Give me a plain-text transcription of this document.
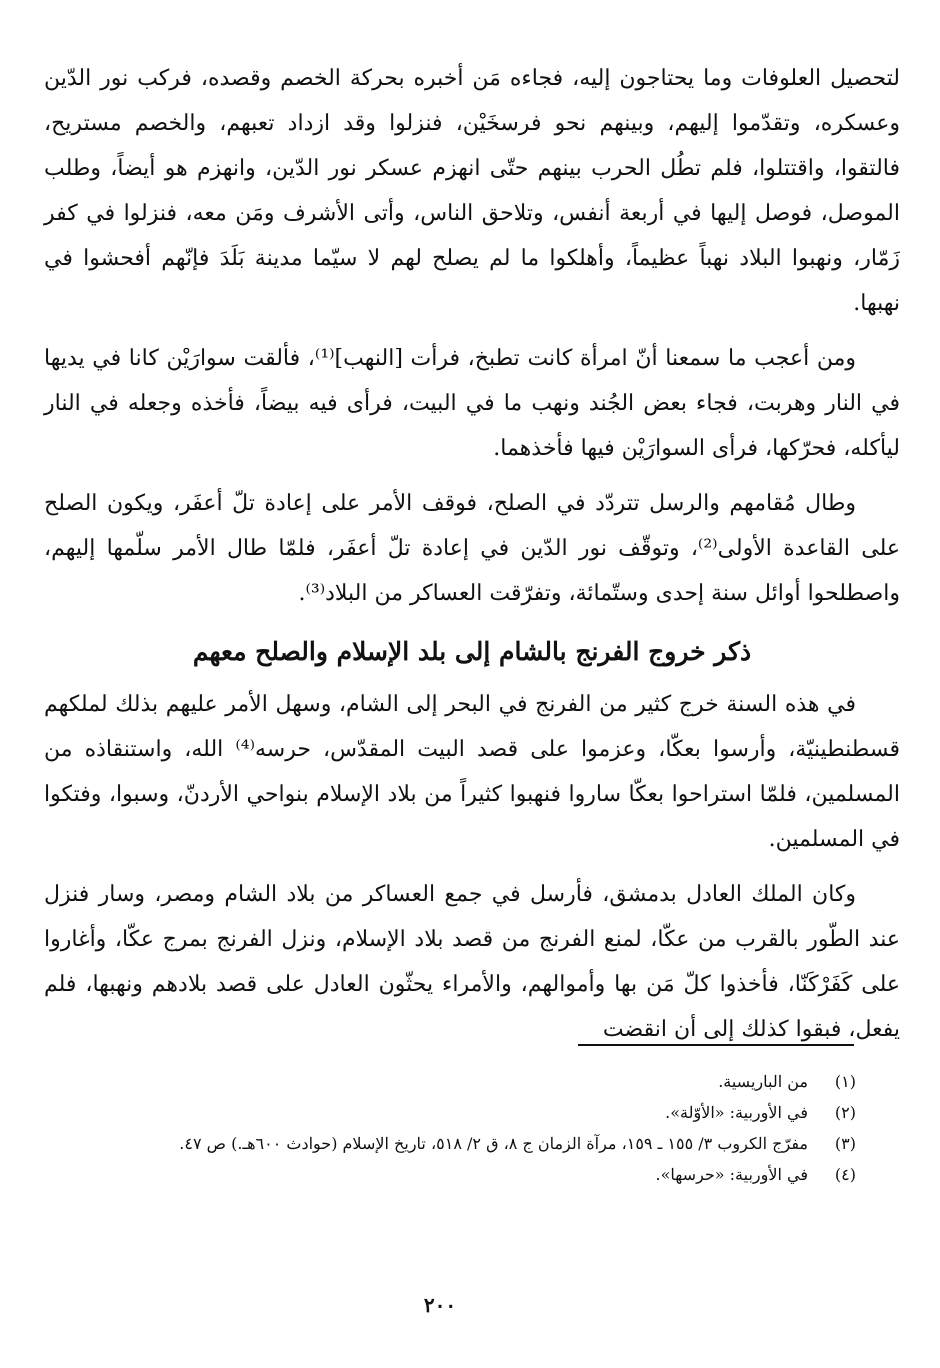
لتحصيل العلوفات وما يحتاجون إليه، فجاءه مَن أخبره بحركة الخصم وقصده، فركب نور الدّين وعسكره، وتقدّموا إليهم، وبينهم نحو فرسخَيْن، فنزلوا وقد ازداد تعبهم، والخصم مستريح، فالتقوا، واقتتلوا، فلم تطُل الحرب بينهم حتّى انهزم عسكر نور الدّين، وانهزم هو أيضاً، وطلب الموصل، فوصل إليها في أربعة أنفس، وتلاحق الناس، وأتى الأشرف ومَن معه، فنزلوا في كفر زَمّار، ونهبوا البلاد نهباً عظيماً، وأهلكوا ما لم يصلح لهم لا سيّما مدينة بَلَدَ فإنّهم أفحشوا في نهبها.

ومن أعجب ما سمعنا أنّ امرأة كانت تطبخ، فرأت [النهب]⁽¹⁾، فألقت سوارَيْن كانا في يديها في النار وهربت، فجاء بعض الجُند ونهب ما في البيت، فرأى فيه بيضاً، فأخذه وجعله في النار ليأكله، فحرّكها، فرأى السوارَيْن فيها فأخذهما.

وطال مُقامهم والرسل تتردّد في الصلح، فوقف الأمر على إعادة تلّ أعفَر، ويكون الصلح على القاعدة الأولى⁽²⁾، وتوقّف نور الدّين في إعادة تلّ أعفَر، فلمّا طال الأمر سلّمها إليهم، واصطلحوا أوائل سنة إحدى وستّمائة، وتفرّقت العساكر من البلاد⁽³⁾.

ذكر خروج الفرنج بالشام إلى بلد الإسلام والصلح معهم

في هذه السنة خرج كثير من الفرنج في البحر إلى الشام، وسهل الأمر عليهم بذلك لملكهم قسطنطينيّة، وأرسوا بعكّا، وعزموا على قصد البيت المقدّس، حرسه⁽⁴⁾ الله، واستنقاذه من المسلمين، فلمّا استراحوا بعكّا ساروا فنهبوا كثيراً من بلاد الإسلام بنواحي الأردنّ، وسبوا، وفتكوا في المسلمين.

وكان الملك العادل بدمشق، فأرسل في جمع العساكر من بلاد الشام ومصر، وسار فنزل عند الطّور بالقرب من عكّا، لمنع الفرنج من قصد بلاد الإسلام، ونزل الفرنج بمرج عكّا، وأغاروا على كَفَرْكَنّا، فأخذوا كلّ مَن بها وأموالهم، والأمراء يحثّون العادل على قصد بلادهم ونهبها، فلم يفعل، فبقوا كذلك إلى أن انقضت

(١)
من الباريسية.
(٢)
في الأوربية: «الأوّلة».
(٣)
مفرّج الكروب ٣/ ١٥٥ ـ ١٥٩، مرآة الزمان ج ٨، ق ٢/ ٥١٨، تاريخ الإسلام (حوادث ٦٠٠هـ.) ص ٤٧.
(٤)
في الأوربية: «حرسها».
٢٠٠
